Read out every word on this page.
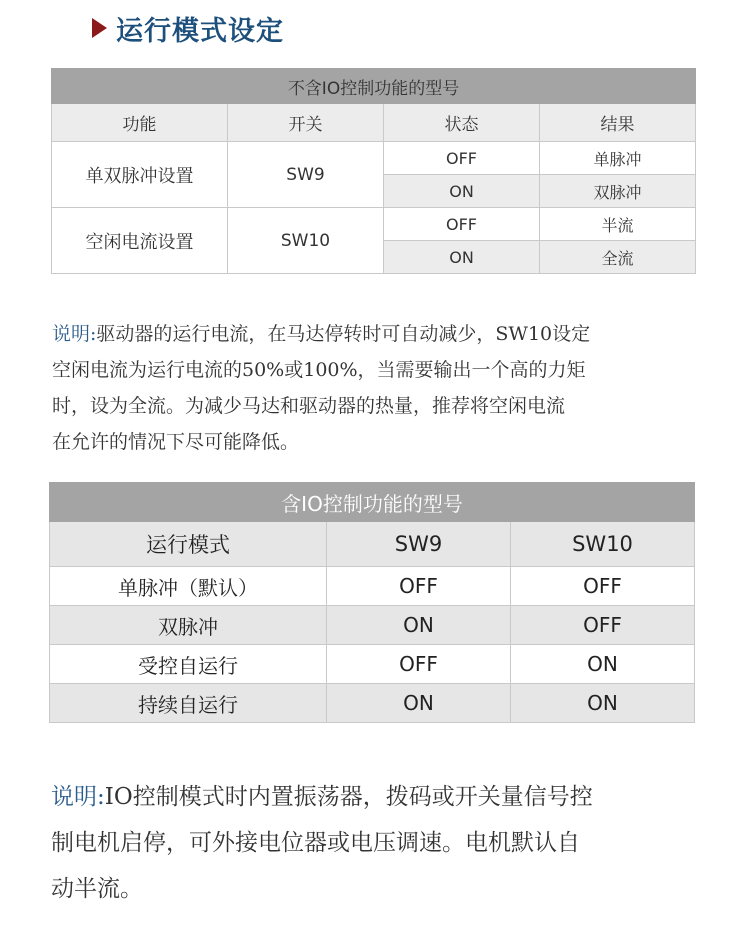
运行模式设定
不含IO控制功能的型号			
功能	开关	状态	结果
单双脉冲设置	SW9	OFF	单脉冲
		ON	双脉冲
空闲电流设置	SW10	OFF	半流
		ON	全流

说明:驱动器的运行电流，在马达停转时可自动减少，SW10设定
空闲电流为运行电流的50%或100%，当需要输出一个高的力矩
时，设为全流。为减少马达和驱动器的热量，推荐将空闲电流
在允许的情况下尽可能降低。

含IO控制功能的型号		
运行模式	SW9	SW10
单脉冲（默认）	OFF	OFF
双脉冲	ON	OFF
受控自运行	OFF	ON
持续自运行	ON	ON

说明:IO控制模式时内置振荡器，拨码或开关量信号控
制电机启停，可外接电位器或电压调速。电机默认自
动半流。
